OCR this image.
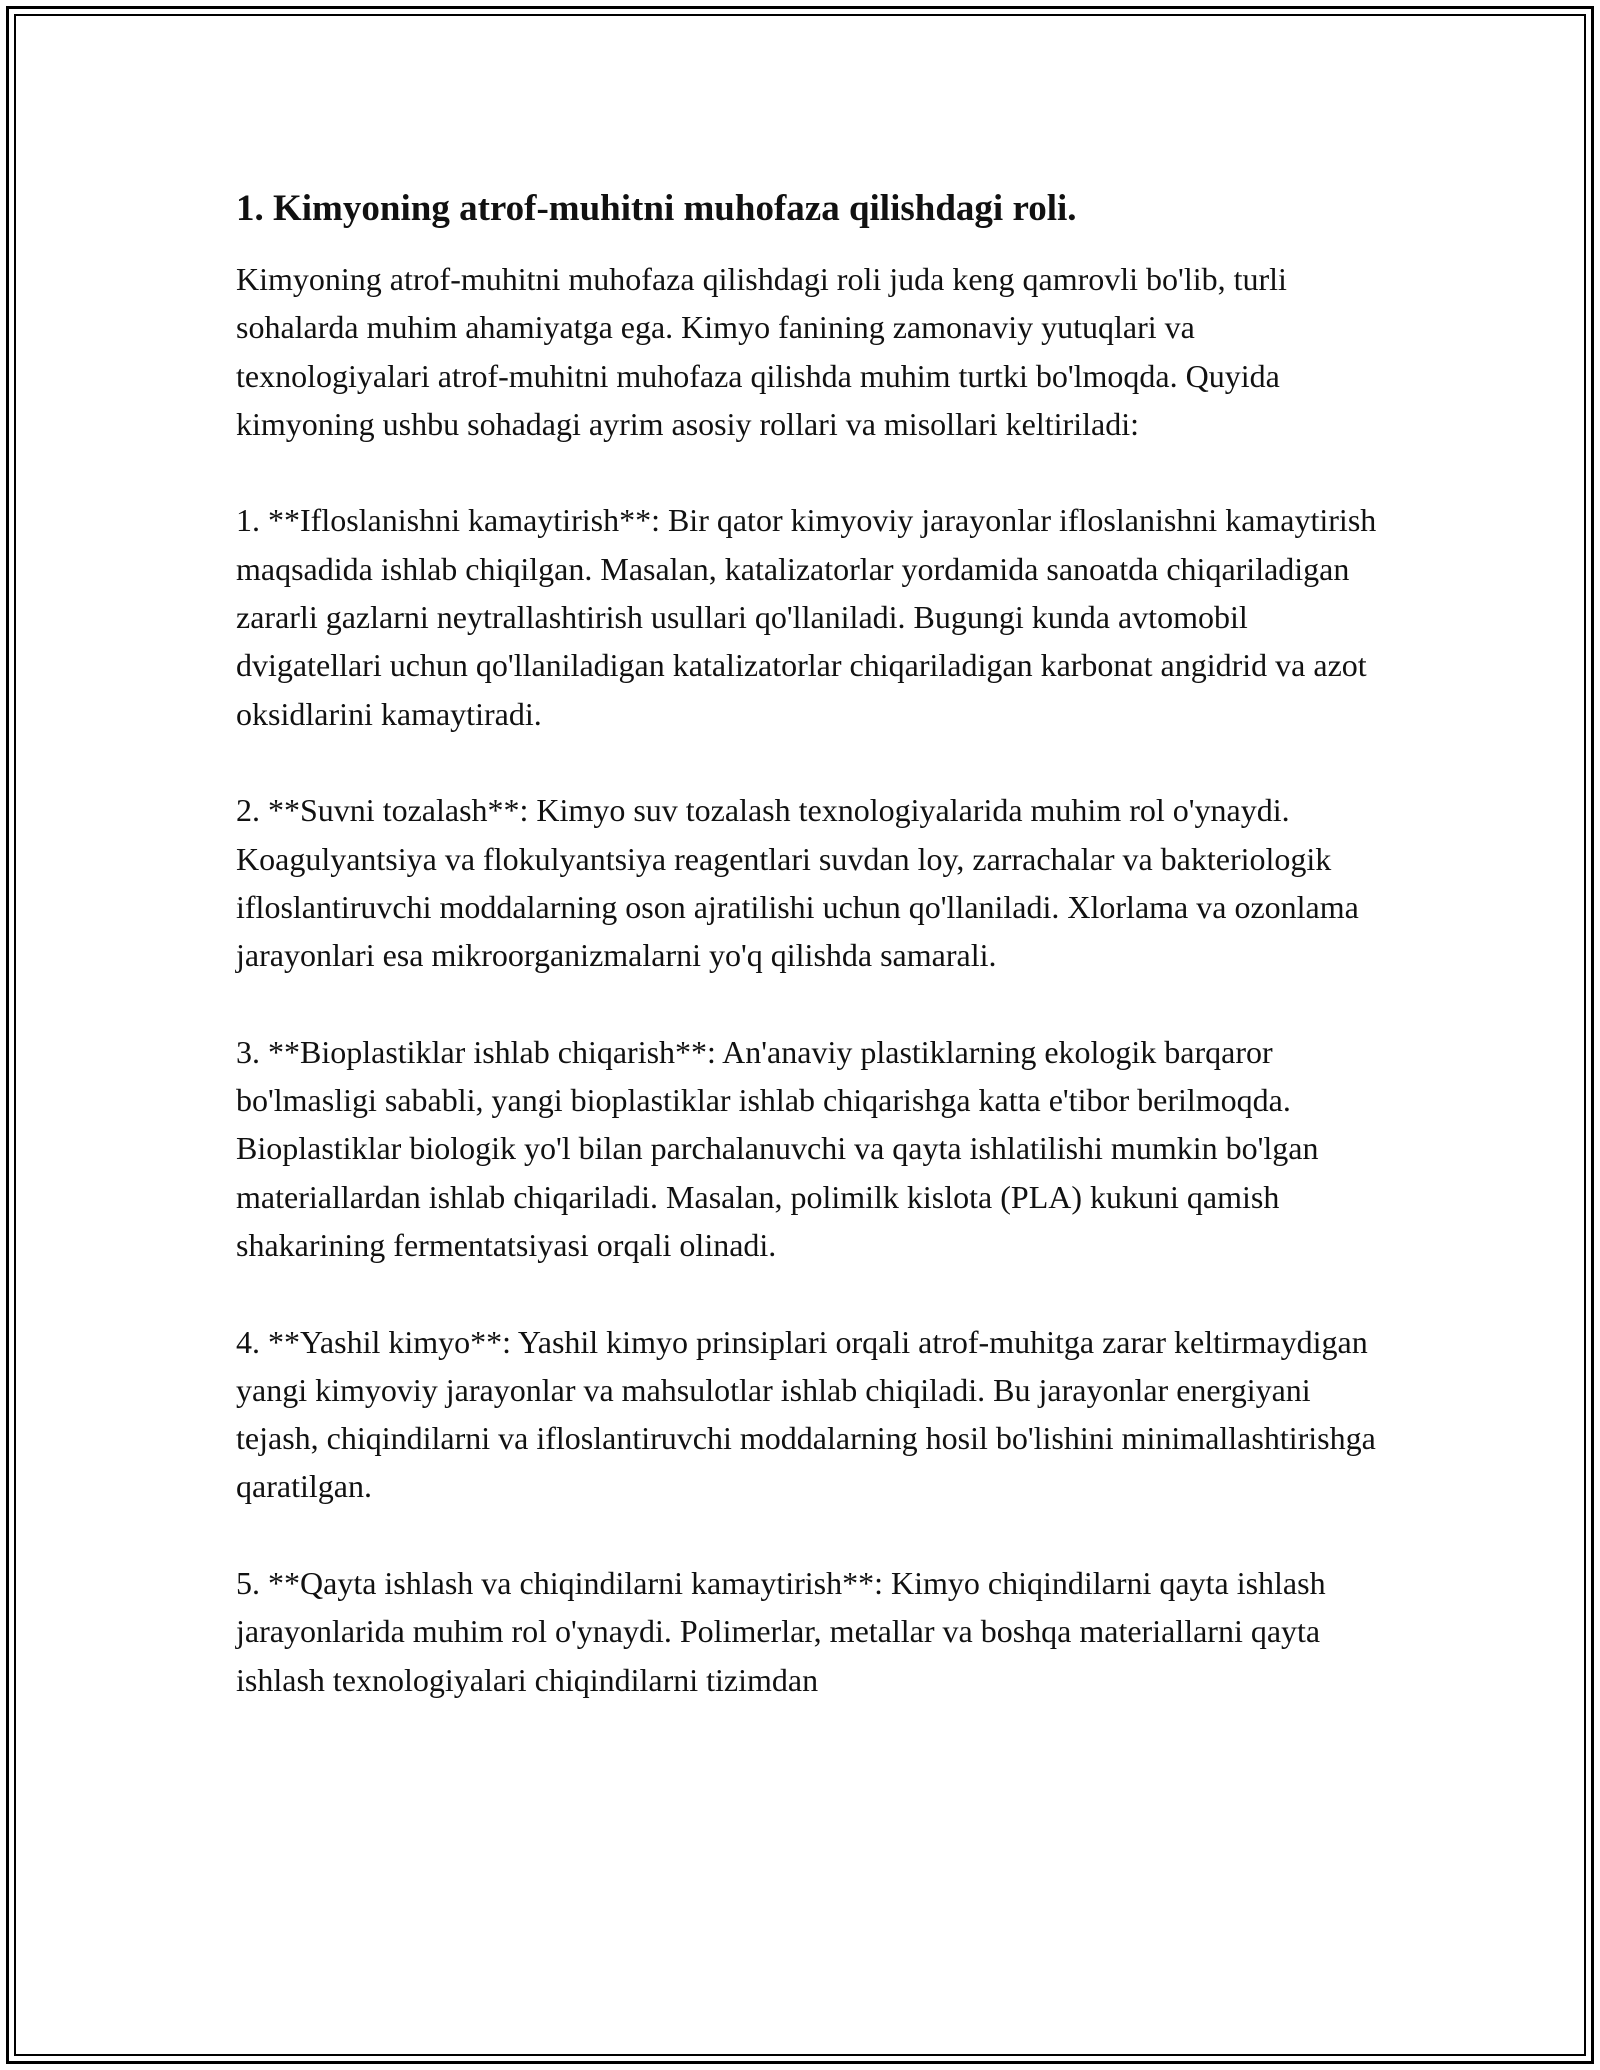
1. Kimyoning atrof-muhitni muhofaza qilishdagi roli.

Kimyoning atrof-muhitni muhofaza qilishdagi roli juda keng qamrovli bo'lib, turli sohalarda muhim ahamiyatga ega. Kimyo fanining zamonaviy yutuqlari va texnologiyalari atrof-muhitni muhofaza qilishda muhim turtki bo'lmoqda. Quyida kimyoning ushbu sohadagi ayrim asosiy rollari va misollari keltiriladi:

1. **Ifloslanishni kamaytirish**: Bir qator kimyoviy jarayonlar ifloslanishni kamaytirish maqsadida ishlab chiqilgan. Masalan, katalizatorlar yordamida sanoatda chiqariladigan zararli gazlarni neytrallashtirish usullari qo'llaniladi. Bugungi kunda avtomobil dvigatellari uchun qo'llaniladigan katalizatorlar chiqariladigan karbonat angidrid va azot oksidlarini kamaytiradi.

2. **Suvni tozalash**: Kimyo suv tozalash texnologiyalarida muhim rol o'ynaydi. Koagulyantsiya va flokulyantsiya reagentlari suvdan loy, zarrachalar va bakteriologik ifloslantiruvchi moddalarning oson ajratilishi uchun qo'llaniladi. Xlorlama va ozonlama jarayonlari esa mikroorganizmalarni yo'q qilishda samarali.

3. **Bioplastiklar ishlab chiqarish**: An'anaviy plastiklarning ekologik barqaror bo'lmasligi sababli, yangi bioplastiklar ishlab chiqarishga katta e'tibor berilmoqda. Bioplastiklar biologik yo'l bilan parchalanuvchi va qayta ishlatilishi mumkin bo'lgan materiallardan ishlab chiqariladi. Masalan, polimilk kislota (PLA) kukuni qamish shakarining fermentatsiyasi orqali olinadi.

4. **Yashil kimyo**: Yashil kimyo prinsiplari orqali atrof-muhitga zarar keltirmaydigan yangi kimyoviy jarayonlar va mahsulotlar ishlab chiqiladi. Bu jarayonlar energiyani tejash, chiqindilarni va ifloslantiruvchi moddalarning hosil bo'lishini minimallashtirishga qaratilgan.

5. **Qayta ishlash va chiqindilarni kamaytirish**: Kimyo chiqindilarni qayta ishlash jarayonlarida muhim rol o'ynaydi. Polimerlar, metallar va boshqa materiallarni qayta ishlash texnologiyalari chiqindilarni tizimdan
